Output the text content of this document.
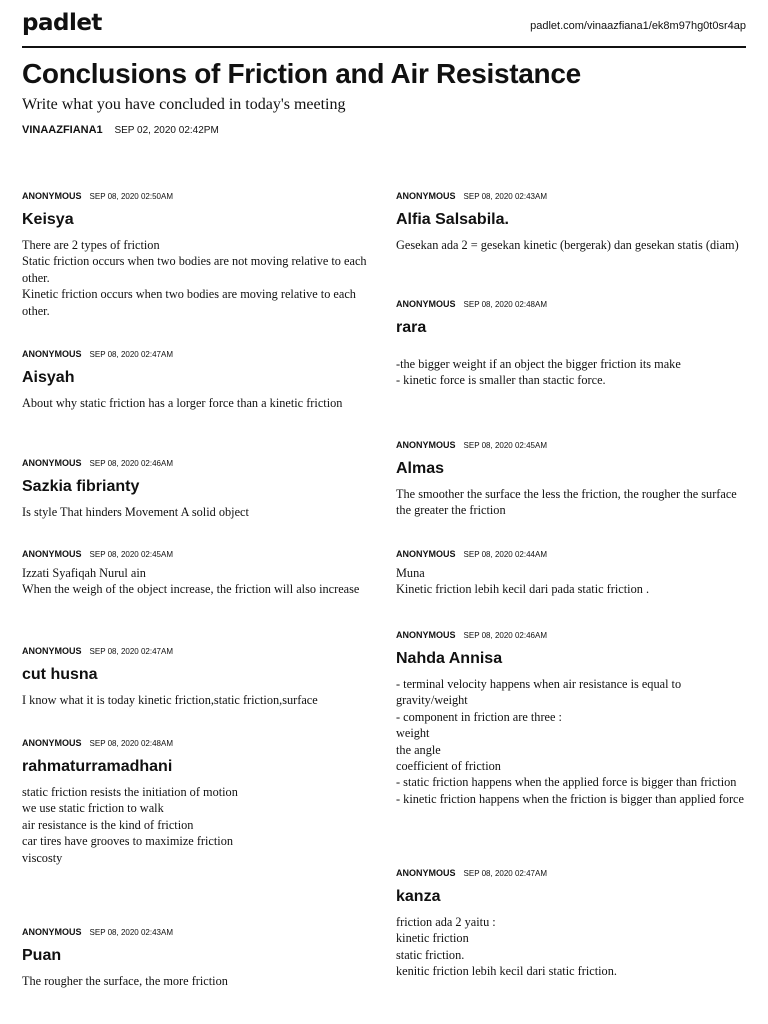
padlet	padlet.com/vinaazfiana1/ek8m97hg0t0sr4ap
Conclusions of Friction and Air Resistance

Write what you have concluded in today's meeting

VINAAZFIANA1 SEP 02, 2020 02:42PM
ANONYMOUS SEP 08, 2020 02:50AM
Keisya
There are 2 types of friction
Static friction occurs when two bodies are not moving relative to each other.
Kinetic friction occurs when two bodies are moving relative to each other.
ANONYMOUS SEP 08, 2020 02:47AM
Aisyah
About why static friction has a lorger force than a kinetic friction
ANONYMOUS SEP 08, 2020 02:46AM
Sazkia fibrianty
Is style That hinders Movement A solid object
ANONYMOUS SEP 08, 2020 02:45AM
Izzati Syafiqah Nurul ain
When the weigh of the object increase, the friction will also increase
ANONYMOUS SEP 08, 2020 02:47AM
cut husna
I know what it is today kinetic friction,static friction,surface
ANONYMOUS SEP 08, 2020 02:48AM
rahmaturramadhani
static friction resists the initiation of motion
we use static friction to walk
air resistance is the kind of friction
car tires have grooves to maximize friction
viscosty
ANONYMOUS SEP 08, 2020 02:43AM
Puan
The rougher the surface, the more friction
ANONYMOUS SEP 08, 2020 02:43AM
Alfia Salsabila.
Gesekan ada 2 = gesekan kinetic (bergerak) dan gesekan statis (diam)
ANONYMOUS SEP 08, 2020 02:48AM
rara
-the bigger weight if an object the bigger friction its make
- kinetic force is smaller than stactic force.
ANONYMOUS SEP 08, 2020 02:45AM
Almas
The smoother the surface the less the friction, the rougher the surface the greater the friction
ANONYMOUS SEP 08, 2020 02:44AM
Muna
Kinetic friction lebih kecil dari pada static friction .
ANONYMOUS SEP 08, 2020 02:46AM
Nahda Annisa
- terminal velocity happens when air resistance is equal to gravity/weight
- component in friction are three :
weight
the angle
coefficient of friction
- static friction happens when the applied force is bigger than friction
- kinetic friction happens when the friction is bigger than applied force
ANONYMOUS SEP 08, 2020 02:47AM
kanza
friction ada 2 yaitu :
kinetic friction
static friction.
kenitic friction lebih kecil dari static friction.
